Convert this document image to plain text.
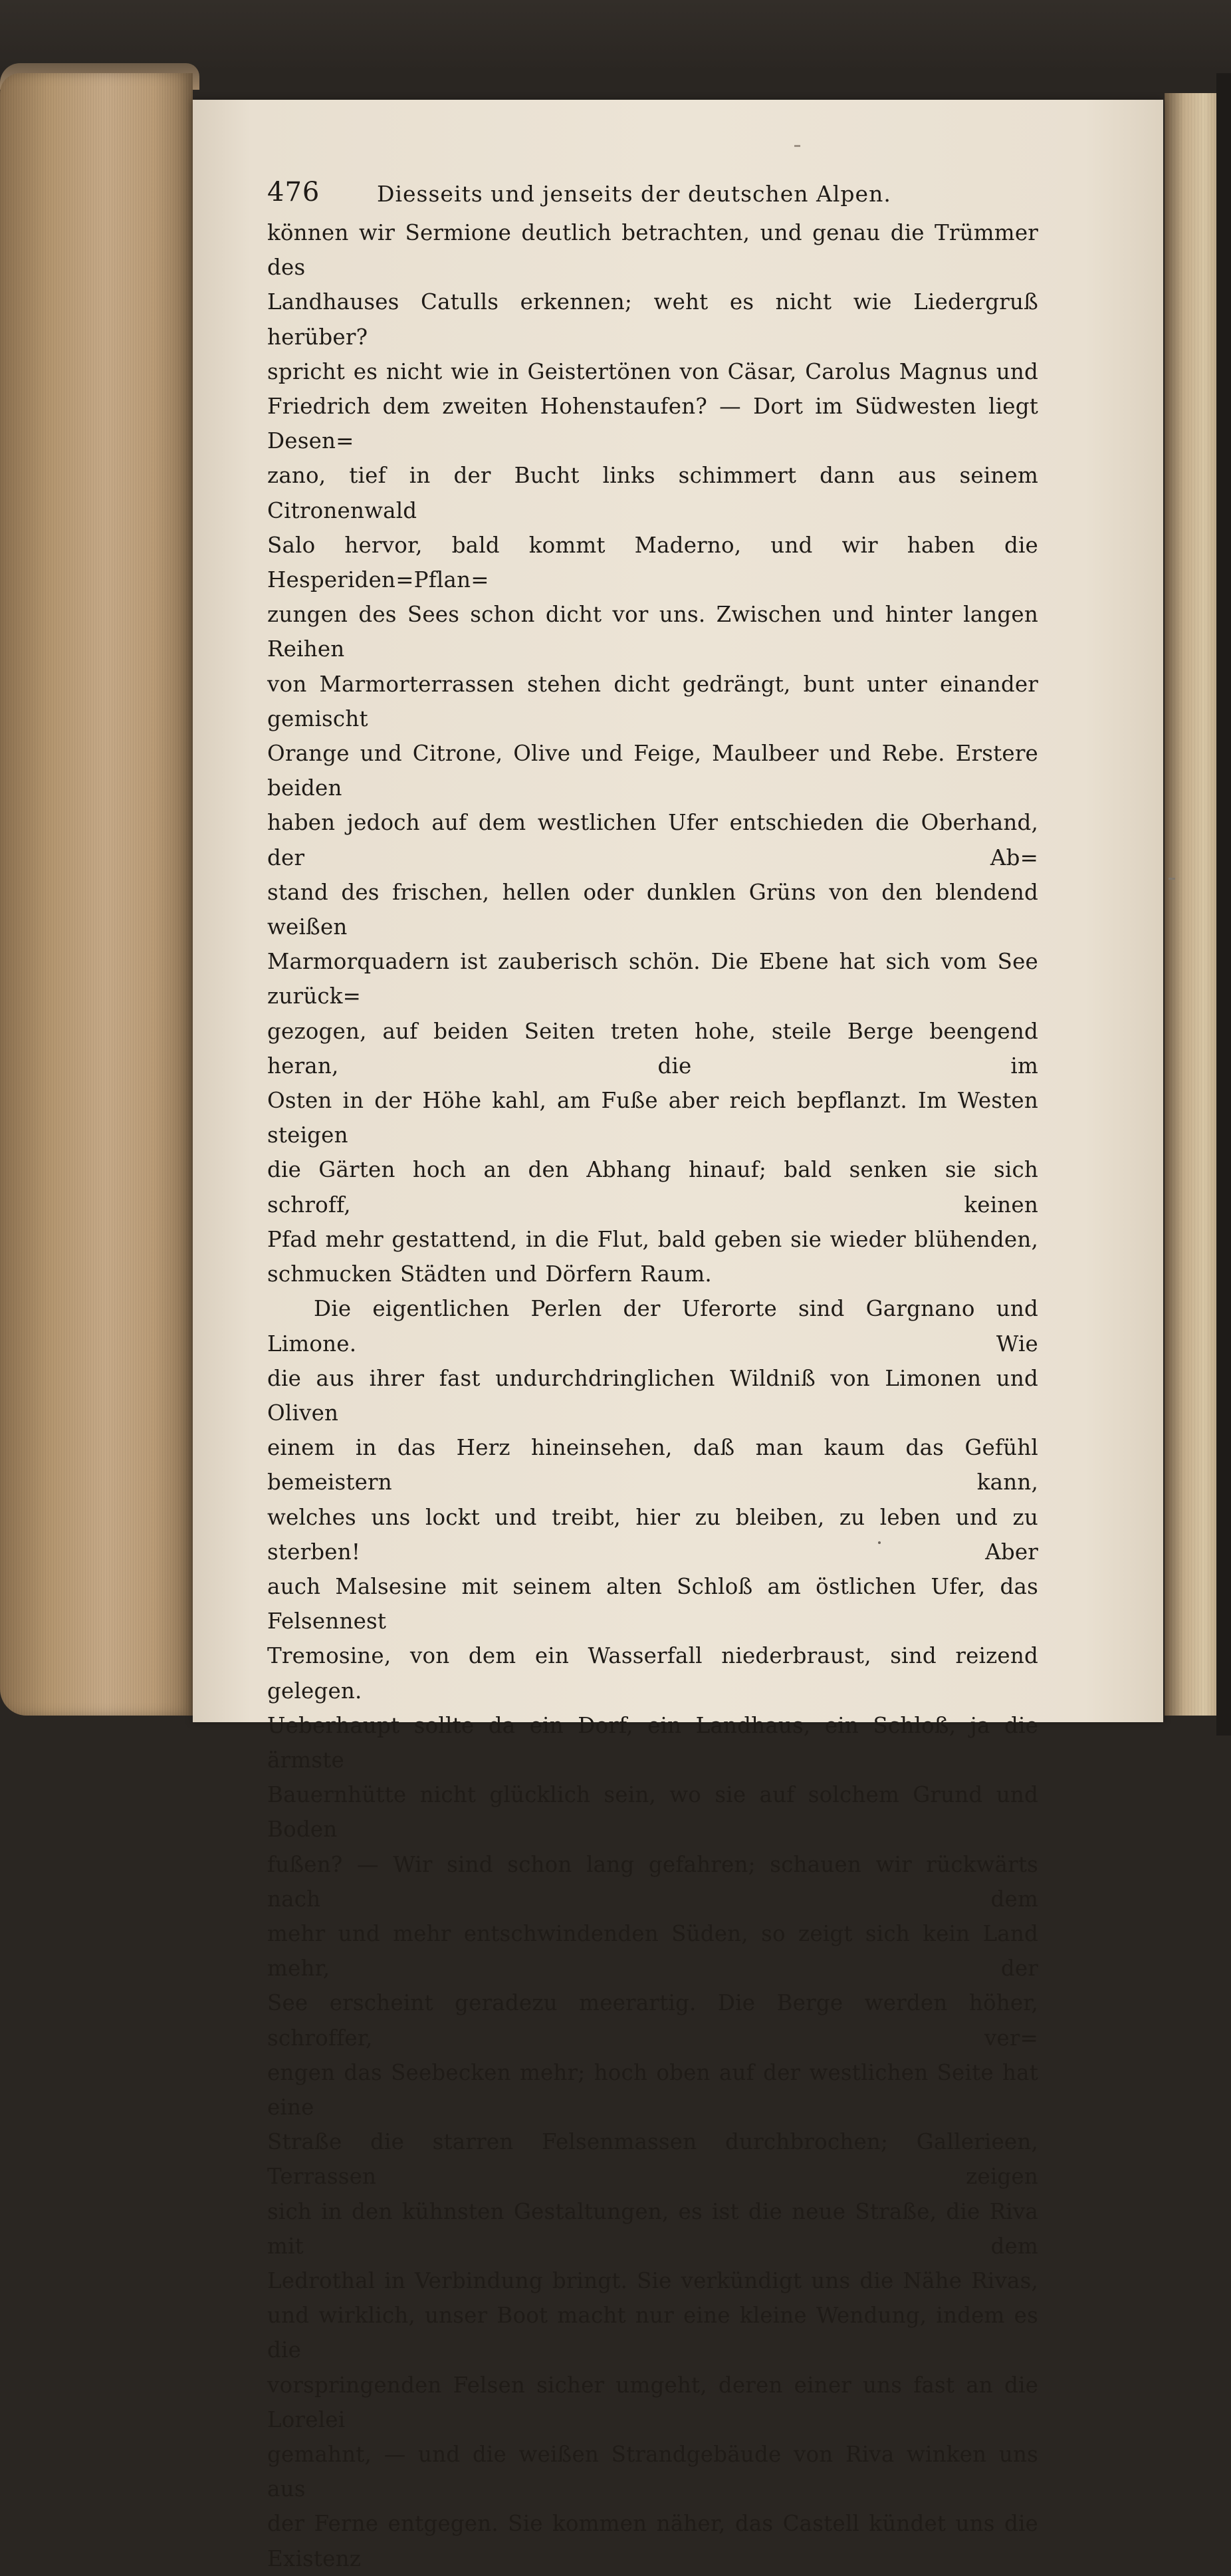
476	Diesseits und jenseits der deutschen Alpen.

können wir Sermione deutlich betrachten, und genau die Trümmer des

Landhauses Catulls erkennen; weht es nicht wie Liedergruß herüber?

spricht es nicht wie in Geistertönen von Cäsar, Carolus Magnus und

Friedrich dem zweiten Hohenstaufen? — Dort im Südwesten liegt Desen=

zano, tief in der Bucht links schimmert dann aus seinem Citronenwald

Salo hervor, bald kommt Maderno, und wir haben die Hesperiden=Pflan=

zungen des Sees schon dicht vor uns. Zwischen und hinter langen Reihen

von Marmorterrassen stehen dicht gedrängt, bunt unter einander gemischt

Orange und Citrone, Olive und Feige, Maulbeer und Rebe. Erstere beiden

haben jedoch auf dem westlichen Ufer entschieden die Oberhand, der Ab=

stand des frischen, hellen oder dunklen Grüns von den blendend weißen

Marmorquadern ist zauberisch schön. Die Ebene hat sich vom See zurück=

gezogen, auf beiden Seiten treten hohe, steile Berge beengend heran, die im

Osten in der Höhe kahl, am Fuße aber reich bepflanzt. Im Westen steigen

die Gärten hoch an den Abhang hinauf; bald senken sie sich schroff, keinen

Pfad mehr gestattend, in die Flut, bald geben sie wieder blühenden,

schmucken Städten und Dörfern Raum.

Die eigentlichen Perlen der Uferorte sind Gargnano und Limone. Wie

die aus ihrer fast undurchdringlichen Wildniß von Limonen und Oliven

einem in das Herz hineinsehen, daß man kaum das Gefühl bemeistern kann,

welches uns lockt und treibt, hier zu bleiben, zu leben und zu sterben! Aber

auch Malsesine mit seinem alten Schloß am östlichen Ufer, das Felsennest

Tremosine, von dem ein Wasserfall niederbraust, sind reizend gelegen.

Ueberhaupt sollte da ein Dorf, ein Landhaus, ein Schloß, ja die ärmste

Bauernhütte nicht glücklich sein, wo sie auf solchem Grund und Boden

fußen? — Wir sind schon lang gefahren; schauen wir rückwärts nach dem

mehr und mehr entschwindenden Süden, so zeigt sich kein Land mehr, der

See erscheint geradezu meerartig. Die Berge werden höher, schroffer, ver=

engen das Seebecken mehr; hoch oben auf der westlichen Seite hat eine

Straße die starren Felsenmassen durchbrochen; Gallerieen, Terrassen zeigen

sich in den kühnsten Gestaltungen, es ist die neue Straße, die Riva mit dem

Ledrothal in Verbindung bringt. Sie verkündigt uns die Nähe Rivas,

und wirklich, unser Boot macht nur eine kleine Wendung, indem es die

vorspringenden Felsen sicher umgeht, deren einer uns fast an die Lorelei

gemahnt, — und die weißen Strandgebäude von Riva winken uns aus

der Ferne entgegen. Sie kommen näher, das Castell kündet uns die Existenz
